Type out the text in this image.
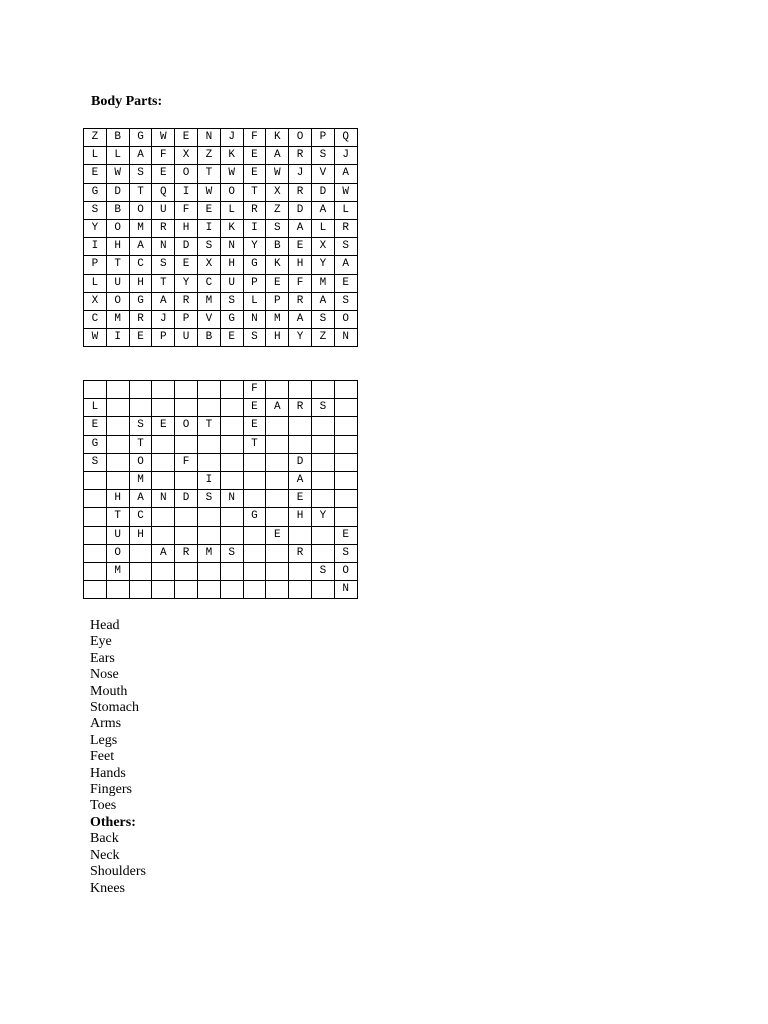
Body Parts:
Z	B	G	W	E	N	J	F	K	O	P	Q
L	L	A	F	X	Z	K	E	A	R	S	J
E	W	S	E	O	T	W	E	W	J	V	A
G	D	T	Q	I	W	O	T	X	R	D	W
S	B	O	U	F	E	L	R	Z	D	A	L
Y	O	M	R	H	I	K	I	S	A	L	R
I	H	A	N	D	S	N	Y	B	E	X	S
P	T	C	S	E	X	H	G	K	H	Y	A
L	U	H	T	Y	C	U	P	E	F	M	E
X	O	G	A	R	M	S	L	P	R	A	S
C	M	R	J	P	V	G	N	M	A	S	O
W	I	E	P	U	B	E	S	H	Y	Z	N
							F				
L							E	A	R	S	
E		S	E	O	T		E				
G		T					T				
S		O		F					D		
		M			I				A		
	H	A	N	D	S	N			E		
	T	C					G		H	Y	
	U	H						E			E
	O		A	R	M	S			R		S
	M									S	O
											N
Head
Eye
Ears
Nose
Mouth
Stomach
Arms
Legs
Feet
Hands
Fingers
Toes
Others:
Back
Neck
Shoulders
Knees
